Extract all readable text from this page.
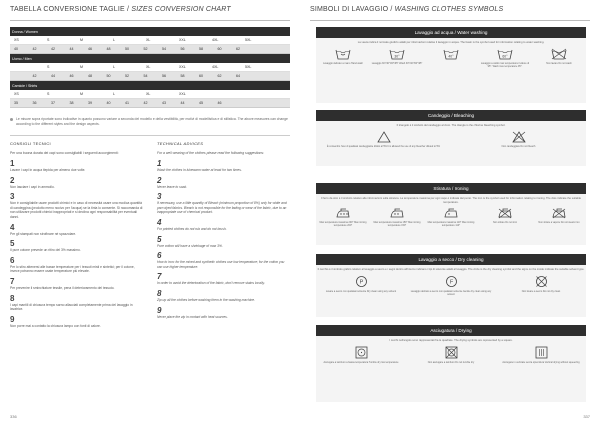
TABELLA CONVERSIONE TAGLIE / SIZES CONVERSION CHART
Donna / Women
XS	S	M	L	XL	XXL	4XL	5XL
40	42	42	44	46	48	50	52	54	56	58	60	62
Uomo / Men
S	M	L	XL	XXL	4XL	5XL
42	44	46	48	50	52	54	56	58	60	62	64
Camicie / Shirts
XS	S	M	L	XL	XXL
35	36	37	38	39	40	41	42	43	44	45	46
Le misure sopra riportate sono indicative in quanto possono variare a seconda del modello e della vestibilità, per motivi di modellistica e di stilistica. The above measures can change according to the different styles and the design aspects.
CONSIGLI TECNICI
Per una buona durata dei capi sono consigliabili i seguenti accorgimenti:
1
Lavare i capi in acqua tiepida per almeno due volte.
2
Non lasciare i capi in ammollo.
3
Non è consigliabile usare prodotti chimici e in caso di necessità usare una modica quantità di candeggina (prodotto meno nocivo per l'acqua) se la tinta lo consente. Si raccomanda di non utilizzare prodotti chimici inappropriati e si declina ogni responsabilità per eventuali danni.
4
Per gli stampati non strofinare né spazzolare.
5
Il pure cotone prevede un ritiro del 3% massimo.
6
Per lo stiro attenersi alle basse temperature per i tessuti misti e sintetici; per il cotone, invece potranno essere usate temperature più elevate.
7
Per prevenire il sminchiature tessile, pena il deterioramento del tessuto.
8
I capi mantili di chiusura tempo sarno allacciati completamente prima del lavaggio in lavatrice.
9
Non porre mai a contatto la chiusura lampo con fonti di calore.
TECHNICAL ADVICES
For a well wearing of the clothes please read the following suggestions:
1
Wash the clothes in lukewarm water at least for two times.
2
Never leave to soak.
3
If necessary, use a little quantity of Bleach (minimum proportion of 8%) only for white and yarn dyed fabrics. Bleach is not responsible for the fading or wear of the fabric, due to an inappropriate use of chemical product.
4
For printed clothes do not rub and do not brush.
5
Pure cotton will have a shrinkage of max 3%.
6
How to iron: for the mixed and synthetic clothes use low temperature; for the cotton you can use higher temperature.
7
In order to avoid the deterioration of the fabric, don't remove stains locally.
8
Zip up all the clothes before washing them in the washing machine.
9
Never place the zip in contact with heat sources.
336
SIMBOLI DI LAVAGGIO / WASHING CLOTHES SYMBOLS
Lavaggio ad acqua / Water washing
La vasca indica il normale giudizio adatti per informazioni relative il lavaggio in acqua. The basin is the symbol used for information relating to water washing.
Lavaggio delicato a mano Hand wash
30°
Lavaggio 30°/40°/60°/95° Wash 30°/40°/60°/95°
40°	60°
Lavaggio a caldo max temperatura il valore di 95°. Wash max temperature 95°.
Non lavare Do not wash
Candeggio / Bleaching
Il triangolo è il simbolo del candeggio al cloro. The triangle is the chlorine bleaching symbol.
È consentito l'uso di qualsiasi candeggiante diluito al 5% It is allowed the use of any bleacher diluted to 5%	Non candeggiare Do not bleach
Stiratura / Ironing
Il ferro da stiro è il simbolo relativo alle informazioni sulla stiratura. La temperatura massima per ogni capo è indicata dal punto. The iron is the symbol used for information relating to ironing. The dots indicate the suitable temperature.
Max temperatura massima 200° Max ironing temperature 200°
Max temperatura massima 150° Max ironing temperature 150°
Max temperatura massima 110° Max ironing temperature 110°
Non stirare Do not iron	Non stirare a vapore Do not steam iron
Lavaggio a secco / Dry cleaning
Il cerchio è il simbolo grafico relativo al lavaggio a secco e i segni dentro all'interno indicano i tipi di solvente adatti al lavaggio. The circle is the dry cleaning symbol and the signs on the inside indicate the suitable solvent type.
P
Lavare a secco con qualsiasi solvente Dry clean using any solvent
F
Lavaggio delicato a secco con qualsiasi solvente Gentle dry clean using any solvent
Non lavare a secco Do not dry clean
Asciugatura / Drying
I cerchi nell'angolo sono rappresentati fra le quadrate. The drying symbols are represented by a square.
Asciugare a tamburo a bassa temperatura Tumble dry low temperature	Non asciugare a tamburo Do not tumble dry	Asciugare in verticale senza spremitura Vertical drying without squeezing
337
